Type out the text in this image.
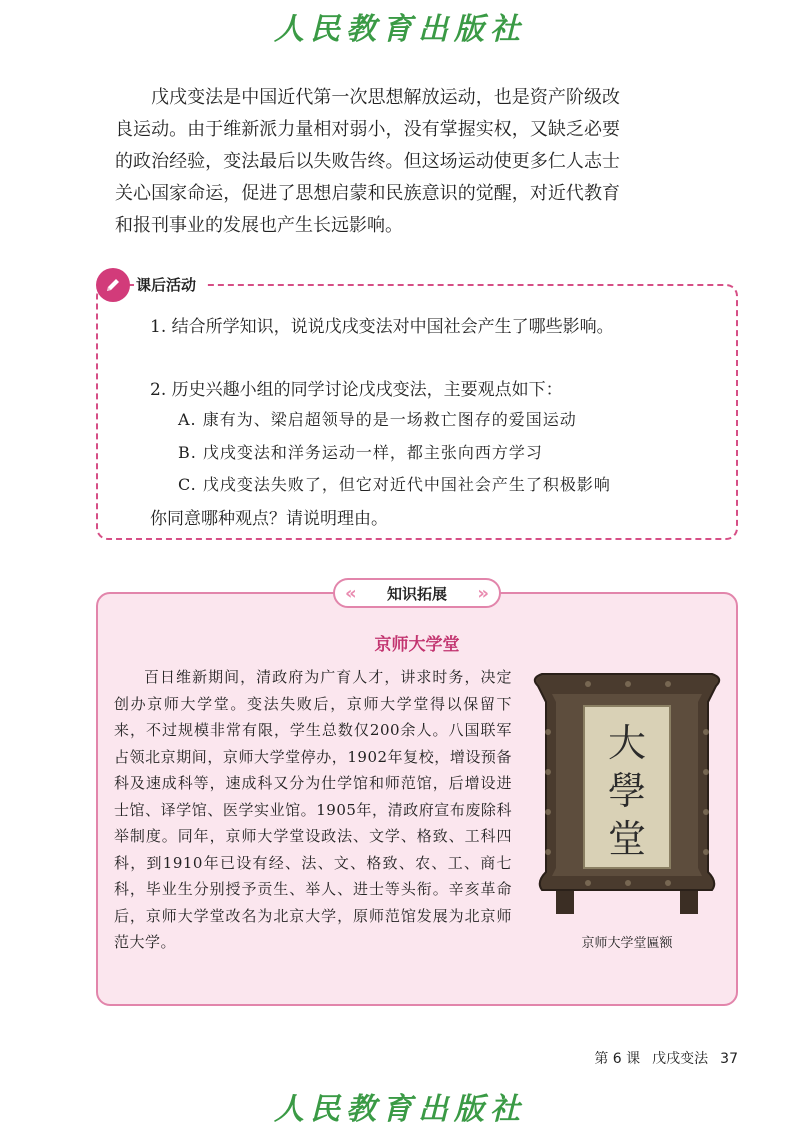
人民教育出版社

戊戌变法是中国近代第一次思想解放运动，也是资产阶级改良运动。由于维新派力量相对弱小，没有掌握实权，又缺乏必要的政治经验，变法最后以失败告终。但这场运动使更多仁人志士关心国家命运，促进了思想启蒙和民族意识的觉醒，对近代教育和报刊事业的发展也产生长远影响。

课后活动

1. 结合所学知识，说说戊戌变法对中国社会产生了哪些影响。

2. 历史兴趣小组的同学讨论戊戌变法，主要观点如下：

A. 康有为、梁启超领导的是一场救亡图存的爱国运动

B. 戊戌变法和洋务运动一样，都主张向西方学习

C. 戊戌变法失败了，但它对近代中国社会产生了积极影响

你同意哪种观点？请说明理由。

« 知识拓展 »

京师大学堂

百日维新期间，清政府为广育人才，讲求时务，决定创办京师大学堂。变法失败后，京师大学堂得以保留下来，不过规模非常有限，学生总数仅200余人。八国联军占领北京期间，京师大学堂停办，1902年复校，增设预备科及速成科等，速成科又分为仕学馆和师范馆，后增设进士馆、译学馆、医学实业馆。1905年，清政府宣布废除科举制度。同年，京师大学堂设政法、文学、格致、工科四科，到1910年已设有经、法、文、格致、农、工、商七科，毕业生分别授予贡生、举人、进士等头衔。辛亥革命后，京师大学堂改名为北京大学，原师范馆发展为北京师范大学。

大
學
堂

京师大学堂匾额

第 6 课 戊戌变法 37
人民教育出版社
